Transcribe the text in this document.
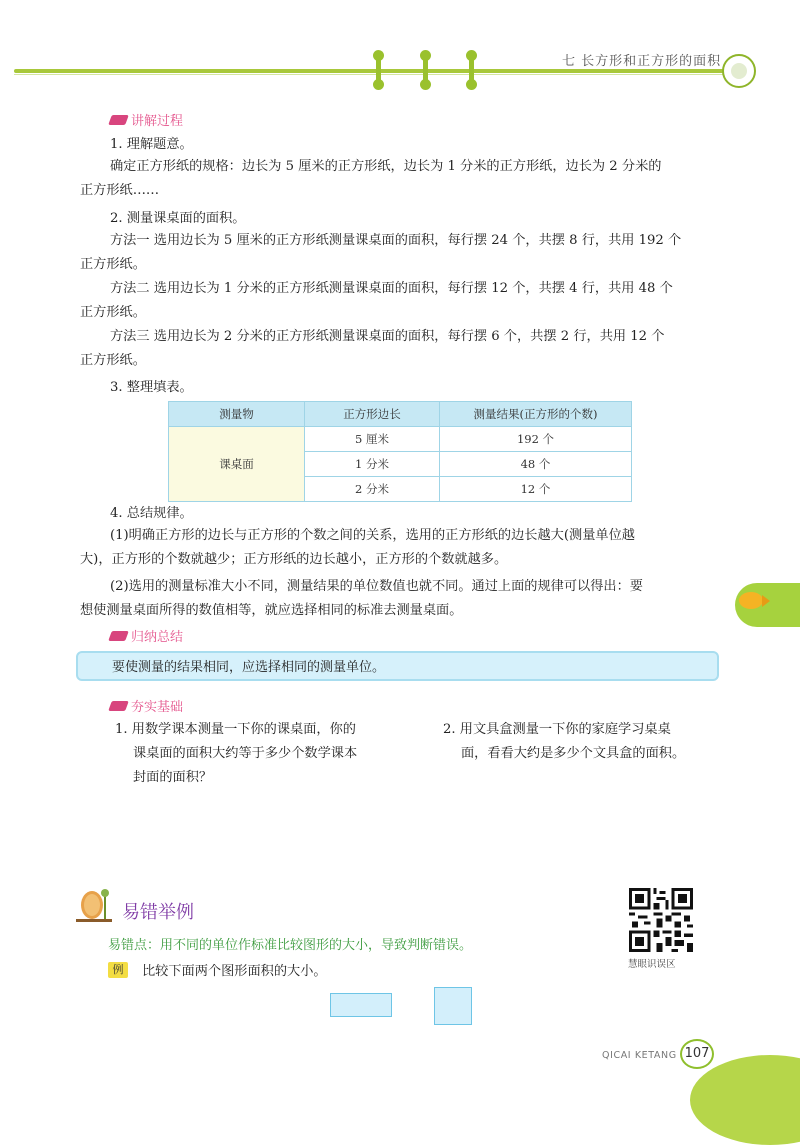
七 长方形和正方形的面积
讲解过程
1. 理解题意。
确定正方形纸的规格：边长为 5 厘米的正方形纸，边长为 1 分米的正方形纸，边长为 2 分米的
正方形纸……
2. 测量课桌面的面积。
方法一 选用边长为 5 厘米的正方形纸测量课桌面的面积，每行摆 24 个，共摆 8 行，共用 192 个
正方形纸。
方法二 选用边长为 1 分米的正方形纸测量课桌面的面积，每行摆 12 个，共摆 4 行，共用 48 个
正方形纸。
方法三 选用边长为 2 分米的正方形纸测量课桌面的面积，每行摆 6 个，共摆 2 行，共用 12 个
正方形纸。
3. 整理填表。
测量物	正方形边长	测量结果(正方形的个数)
课桌面	5 厘米	192 个
	1 分米	48 个
	2 分米	12 个
4. 总结规律。
(1)明确正方形的边长与正方形的个数之间的关系，选用的正方形纸的边长越大(测量单位越
大)，正方形的个数就越少；正方形纸的边长越小，正方形的个数就越多。
(2)选用的测量标准大小不同，测量结果的单位数值也就不同。通过上面的规律可以得出：要
想使测量桌面所得的数值相等，就应选择相同的标准去测量桌面。
归纳总结
要使测量的结果相同，应选择相同的测量单位。
夯实基础
1. 用数学课本测量一下你的课桌面，你的
课桌面的面积大约等于多少个数学课本
封面的面积？
2. 用文具盒测量一下你的家庭学习桌桌
面，看看大约是多少个文具盒的面积。
易错举例
易错点：用不同的单位作标准比较图形的大小，导致判断错误。
例	比较下面两个图形面积的大小。	慧眼识误区
QICAI KETANG 107
